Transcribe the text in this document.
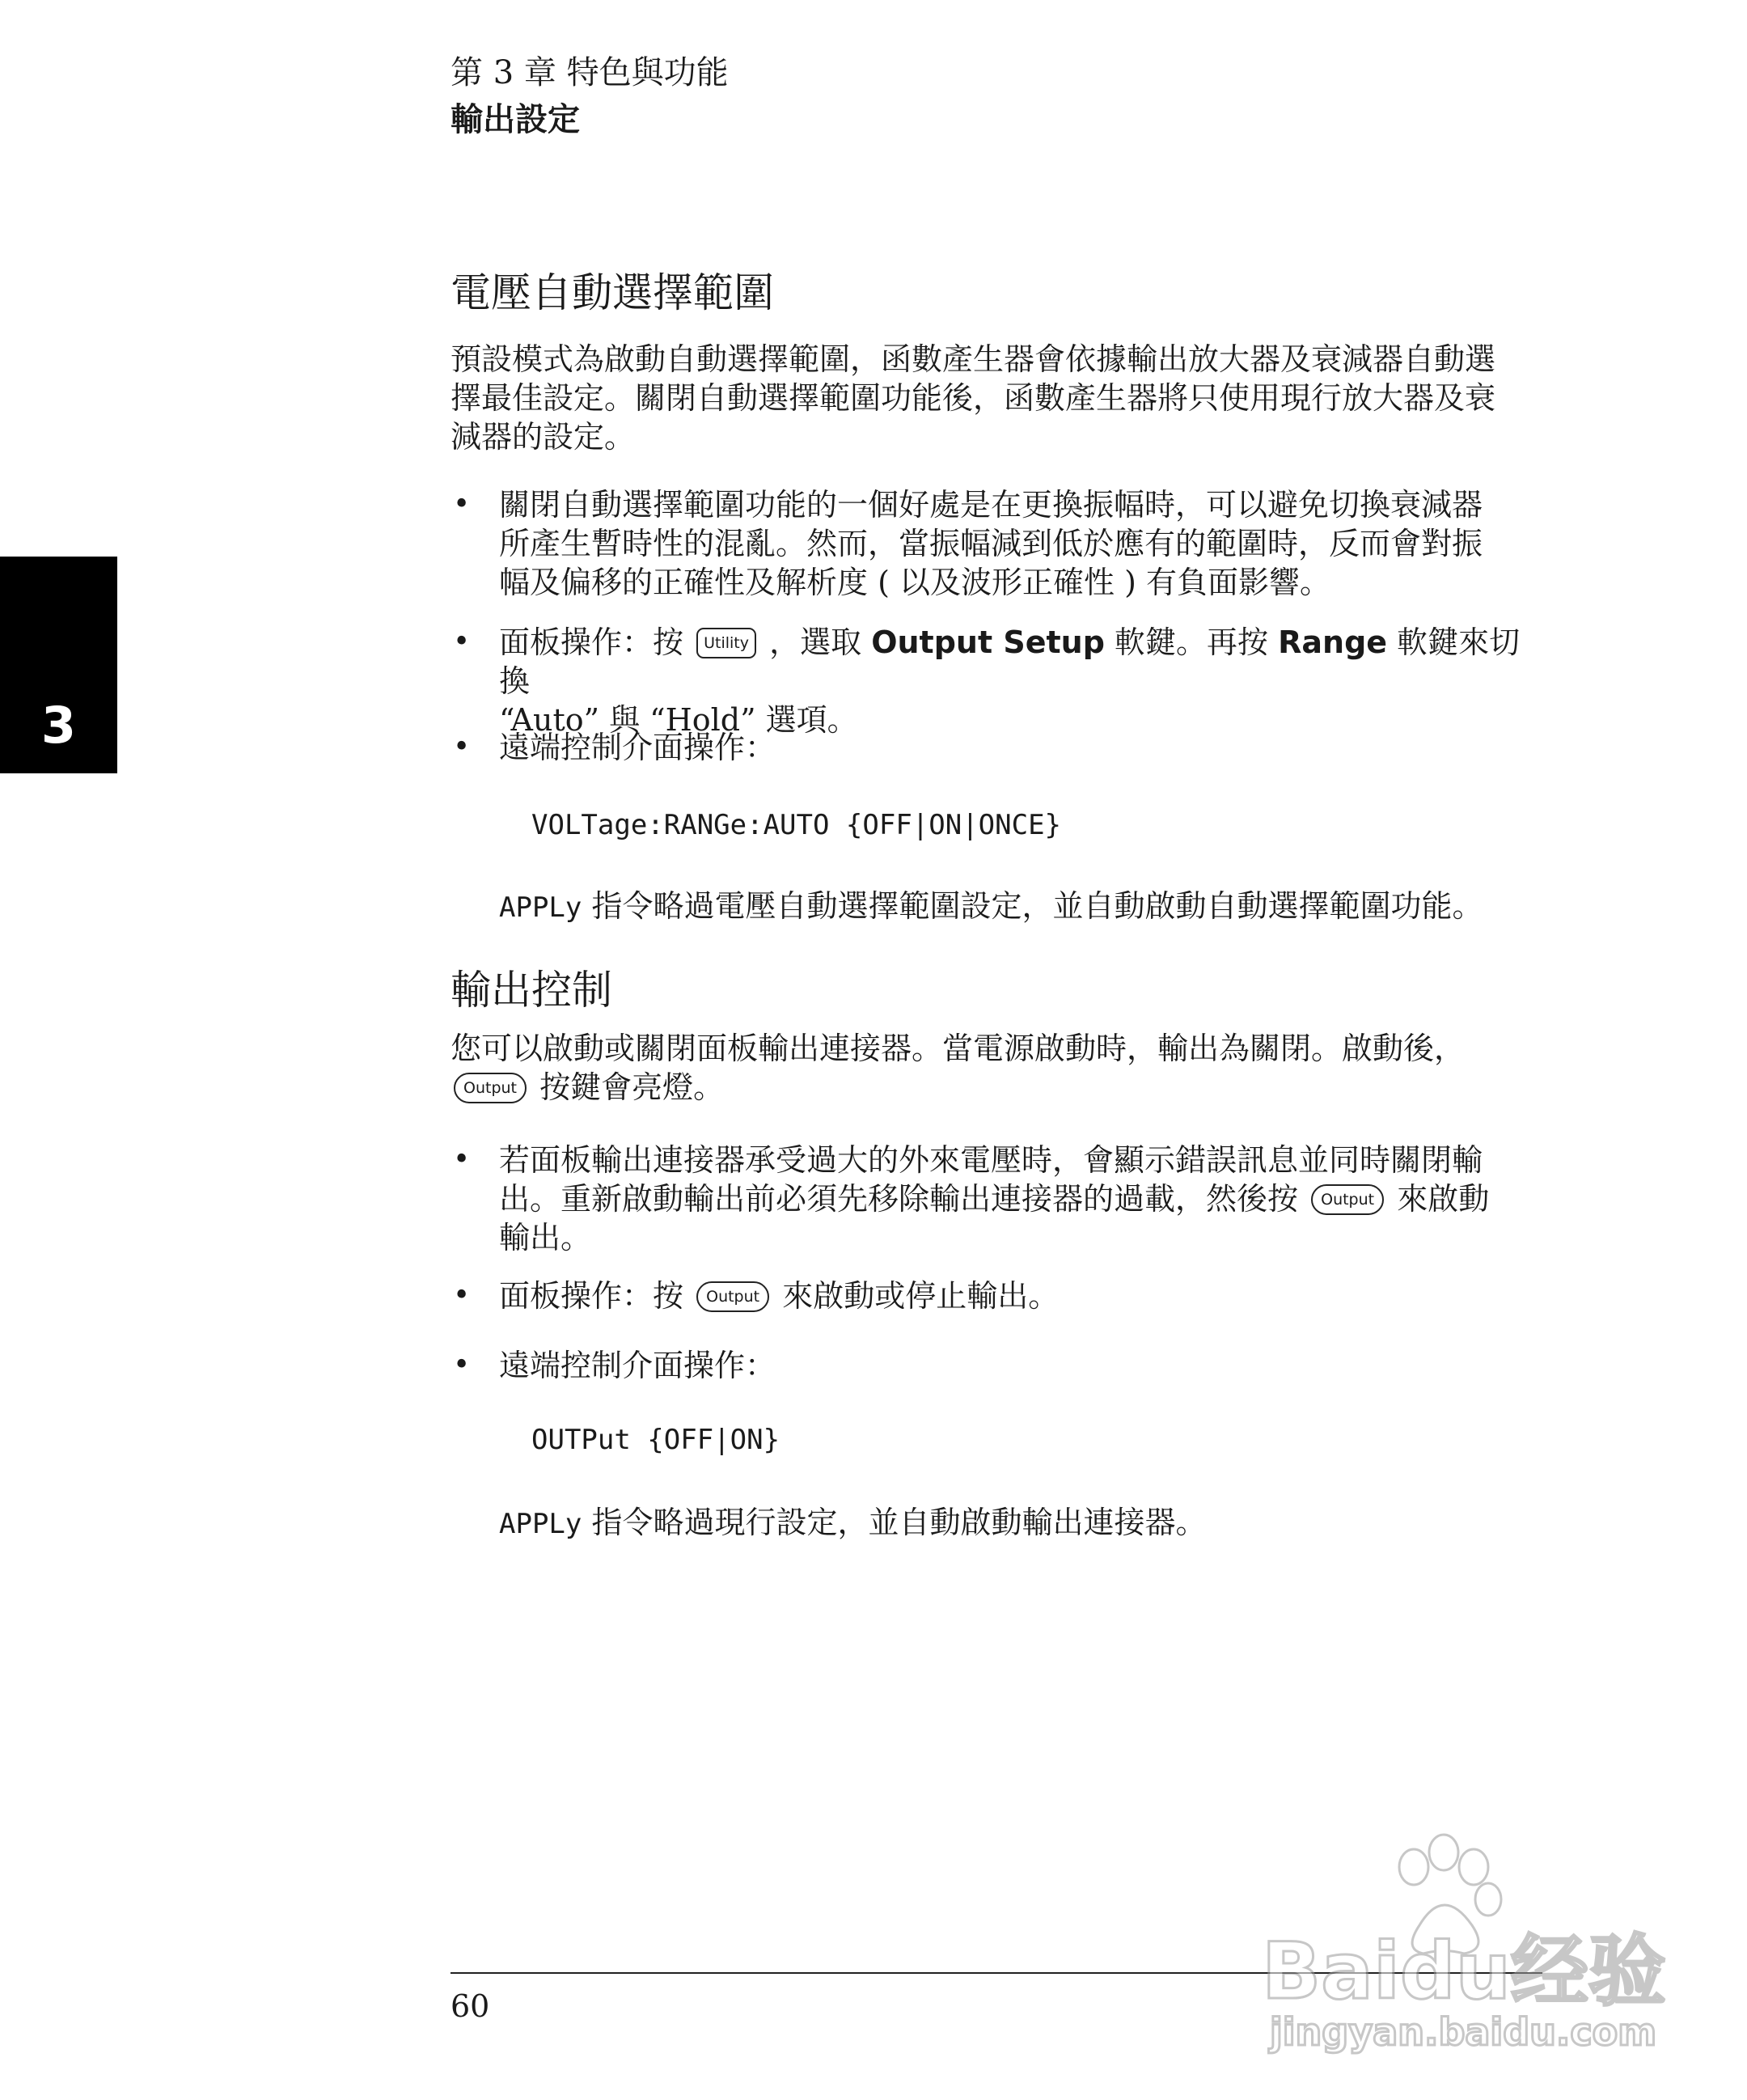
第 3 章 特色與功能
輸出設定
3
電壓自動選擇範圍
預設模式為啟動自動選擇範圍，函數產生器會依據輸出放大器及衰減器自動選
擇最佳設定。關閉自動選擇範圍功能後，函數產生器將只使用現行放大器及衰
減器的設定。
• 關閉自動選擇範圍功能的一個好處是在更換振幅時，可以避免切換衰減器
所產生暫時性的混亂。然而，當振幅減到低於應有的範圍時，反而會對振
幅及偏移的正確性及解析度 ( 以及波形正確性 ) 有負面影響。
• 面板操作：按 Utility ，選取 Output Setup 軟鍵。再按 Range 軟鍵來切換
“Auto” 與 “Hold” 選項。
• 遠端控制介面操作：
VOLTage:RANGe:AUTO {OFF|ON|ONCE}
APPLy 指令略過電壓自動選擇範圍設定，並自動啟動自動選擇範圍功能。
輸出控制
您可以啟動或關閉面板輸出連接器。當電源啟動時，輸出為關閉。啟動後，
Output 按鍵會亮燈。
• 若面板輸出連接器承受過大的外來電壓時，會顯示錯誤訊息並同時關閉輸
出。重新啟動輸出前必須先移除輸出連接器的過載，然後按 Output 來啟動
輸出。
• 面板操作：按 Output 來啟動或停止輸出。
• 遠端控制介面操作：
OUTPut {OFF|ON}
APPLy 指令略過現行設定，並自動啟動輸出連接器。
60	Baidu经验
jingyan.baidu.com
